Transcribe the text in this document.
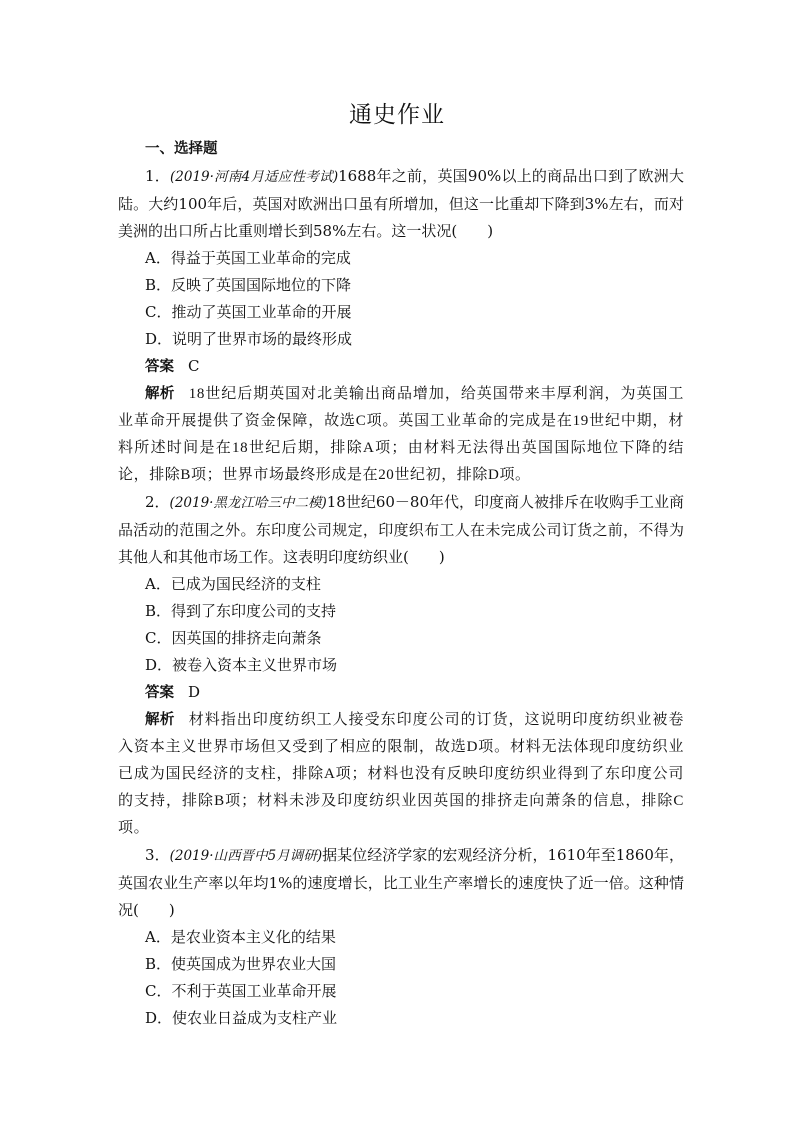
通史作业
一、选择题
1．(2019·河南4月适应性考试)1688年之前，英国90%以上的商品出口到了欧洲大陆。大约100年后，英国对欧洲出口虽有所增加，但这一比重却下降到3%左右，而对美洲的出口所占比重则增长到58%左右。这一状况(　　)
A．得益于英国工业革命的完成
B．反映了英国国际地位的下降
C．推动了英国工业革命的开展
D．说明了世界市场的最终形成
答案 C
解析 18世纪后期英国对北美输出商品增加，给英国带来丰厚利润，为英国工业革命开展提供了资金保障，故选C项。英国工业革命的完成是在19世纪中期，材料所述时间是在18世纪后期，排除A项；由材料无法得出英国国际地位下降的结论，排除B项；世界市场最终形成是在20世纪初，排除D项。
2．(2019·黑龙江哈三中二模)18世纪60－80年代，印度商人被排斥在收购手工业商品活动的范围之外。东印度公司规定，印度织布工人在未完成公司订货之前，不得为其他人和其他市场工作。这表明印度纺织业(　　)
A．已成为国民经济的支柱
B．得到了东印度公司的支持
C．因英国的排挤走向萧条
D．被卷入资本主义世界市场
答案 D
解析 材料指出印度纺织工人接受东印度公司的订货，这说明印度纺织业被卷入资本主义世界市场但又受到了相应的限制，故选D项。材料无法体现印度纺织业已成为国民经济的支柱，排除A项；材料也没有反映印度纺织业得到了东印度公司的支持，排除B项；材料未涉及印度纺织业因英国的排挤走向萧条的信息，排除C项。
3．(2019·山西晋中5月调研)据某位经济学家的宏观经济分析，1610年至1860年，英国农业生产率以年均1%的速度增长，比工业生产率增长的速度快了近一倍。这种情况(　　)
A．是农业资本主义化的结果
B．使英国成为世界农业大国
C．不利于英国工业革命开展
D．使农业日益成为支柱产业
